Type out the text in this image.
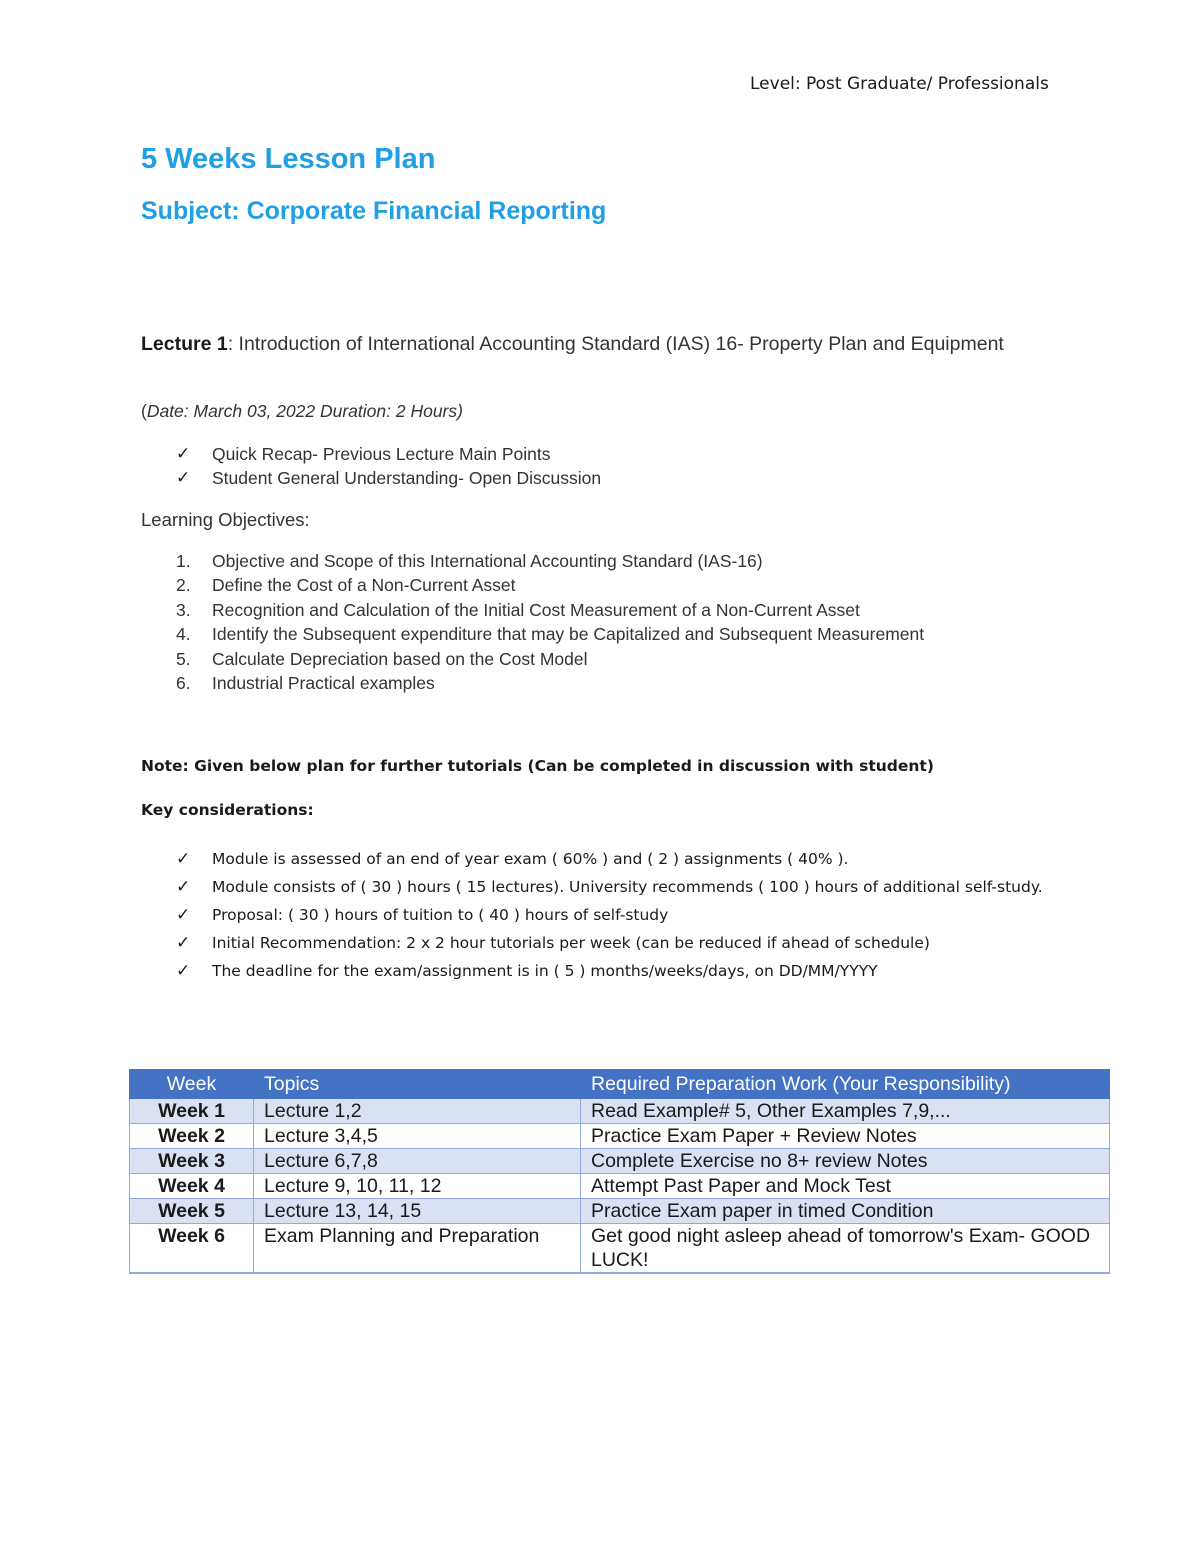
Level: Post Graduate/ Professionals
5 Weeks Lesson Plan
Subject: Corporate Financial Reporting
Lecture 1: Introduction of International Accounting Standard (IAS) 16- Property Plan and Equipment
(Date: March 03, 2022 Duration: 2 Hours)
✓ Quick Recap- Previous Lecture Main Points
✓ Student General Understanding- Open Discussion
Learning Objectives:
1. Objective and Scope of this International Accounting Standard (IAS-16)
2. Define the Cost of a Non-Current Asset
3. Recognition and Calculation of the Initial Cost Measurement of a Non-Current Asset
4. Identify the Subsequent expenditure that may be Capitalized and Subsequent Measurement
5. Calculate Depreciation based on the Cost Model
6. Industrial Practical examples
Note: Given below plan for further tutorials (Can be completed in discussion with student)
Key considerations:
✓ Module is assessed of an end of year exam ( 60% ) and ( 2 ) assignments ( 40% ).
✓ Module consists of ( 30 ) hours ( 15 lectures). University recommends ( 100 ) hours of additional self-study.
✓ Proposal: ( 30 ) hours of tuition to ( 40 ) hours of self-study
✓ Initial Recommendation: 2 x 2 hour tutorials per week (can be reduced if ahead of schedule)
✓ The deadline for the exam/assignment is in ( 5 ) months/weeks/days, on DD/MM/YYYY
Week	Topics	Required Preparation Work (Your Responsibility)
Week 1	Lecture 1,2	Read Example# 5, Other Examples 7,9,...
Week 2	Lecture 3,4,5	Practice Exam Paper + Review Notes
Week 3	Lecture 6,7,8	Complete Exercise no 8+ review Notes
Week 4	Lecture 9, 10, 11, 12	Attempt Past Paper and Mock Test
Week 5	Lecture 13, 14, 15	Practice Exam paper in timed Condition
Week 6	Exam Planning and Preparation	Get good night asleep ahead of tomorrow's Exam- GOOD LUCK!
